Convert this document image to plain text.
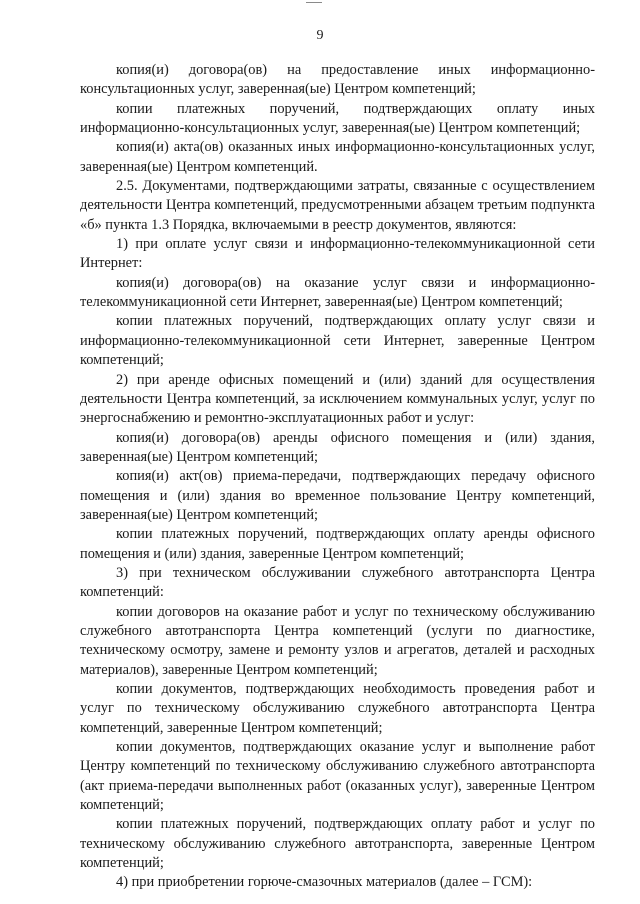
9

копия(и) договора(ов) на предоставление иных информационно-консультационных услуг, заверенная(ые) Центром компетенций;

копии платежных поручений, подтверждающих оплату иных информационно-консультационных услуг, заверенная(ые) Центром компетенций;

копия(и) акта(ов) оказанных иных информационно-консультационных услуг, заверенная(ые) Центром компетенций.

2.5. Документами, подтверждающими затраты, связанные с осуществлением деятельности Центра компетенций, предусмотренными абзацем третьим подпункта «б» пункта 1.3 Порядка, включаемыми в реестр документов, являются:

1) при оплате услуг связи и информационно-телекоммуникационной сети Интернет:

копия(и) договора(ов) на оказание услуг связи и информационно-телекоммуникационной сети Интернет, заверенная(ые) Центром компетенций;

копии платежных поручений, подтверждающих оплату услуг связи и информационно-телекоммуникационной сети Интернет, заверенные Центром компетенций;

2) при аренде офисных помещений и (или) зданий для осуществления деятельности Центра компетенций, за исключением коммунальных услуг, услуг по энергоснабжению и ремонтно-эксплуатационных работ и услуг:

копия(и) договора(ов) аренды офисного помещения и (или) здания, заверенная(ые) Центром компетенций;

копия(и) акт(ов) приема-передачи, подтверждающих передачу офисного помещения и (или) здания во временное пользование Центру компетенций, заверенная(ые) Центром компетенций;

копии платежных поручений, подтверждающих оплату аренды офисного помещения и (или) здания, заверенные Центром компетенций;

3) при техническом обслуживании служебного автотранспорта Центра компетенций:

копии договоров на оказание работ и услуг по техническому обслуживанию служебного автотранспорта Центра компетенций (услуги по диагностике, техническому осмотру, замене и ремонту узлов и агрегатов, деталей и расходных материалов), заверенные Центром компетенций;

копии документов, подтверждающих необходимость проведения работ и услуг по техническому обслуживанию служебного автотранспорта Центра компетенций, заверенные Центром компетенций;

копии документов, подтверждающих оказание услуг и выполнение работ Центру компетенций по техническому обслуживанию служебного автотранспорта (акт приема-передачи выполненных работ (оказанных услуг), заверенные Центром компетенций;

копии платежных поручений, подтверждающих оплату работ и услуг по техническому обслуживанию служебного автотранспорта, заверенные Центром компетенций;

4) при приобретении горюче-смазочных материалов (далее – ГСМ):
